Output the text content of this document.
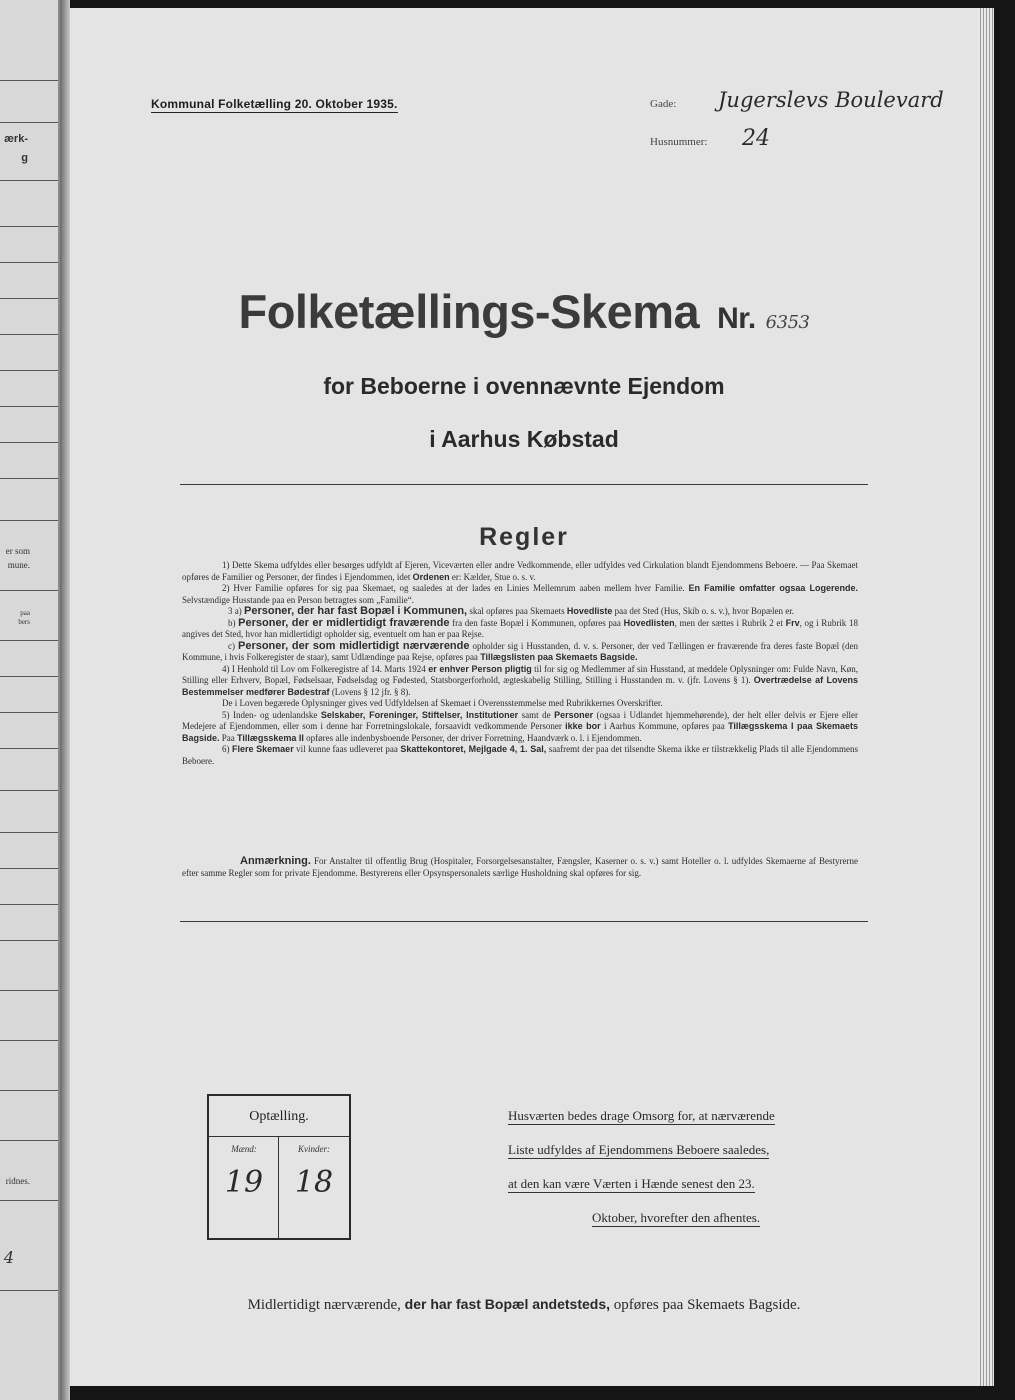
ærk-
g
er som
mune.
paa
bers
ridnes.
4
Kommunal Folketælling 20. Oktober 1935.	Gade: Jugerslevs Boulevard
Husnummer: 24
Folketællings-Skema Nr. 6353
for Beboerne i ovennævnte Ejendom
i Aarhus Købstad
Regler

1) Dette Skema udfyldes eller besørges udfyldt af Ejeren, Viceværten eller andre Vedkommende, eller udfyldes ved Cirkulation blandt Ejendommens Beboere. — Paa Skemaet opføres de Familier og Personer, der findes i Ejendommen, idet Ordenen er: Kælder, Stue o. s. v.

2) Hver Familie opføres for sig paa Skemaet, og saaledes at der lades en Linies Mellemrum aaben mellem hver Familie. En Familie omfatter ogsaa Logerende. Selvstændige Husstande paa en Person betragtes som „Familie“.

3 a) Personer, der har fast Bopæl i Kommunen, skal opføres paa Skemaets Hovedliste paa det Sted (Hus, Skib o. s. v.), hvor Bopælen er.

b) Personer, der er midlertidigt fraværende fra den faste Bopæl i Kommunen, opføres paa Hovedlisten, men der sættes i Rubrik 2 et Frv, og i Rubrik 18 angives det Sted, hvor han midlertidigt opholder sig, eventuelt om han er paa Rejse.

c) Personer, der som midlertidigt nærværende opholder sig i Husstanden, d. v. s. Personer, der ved Tællingen er fraværende fra deres faste Bopæl (den Kommune, i hvis Folkeregister de staar), samt Udlændinge paa Rejse, opføres paa Tillægslisten paa Skemaets Bagside.

4) I Henhold til Lov om Folkeregistre af 14. Marts 1924 er enhver Person pligtig til for sig og Medlemmer af sin Husstand, at meddele Oplysninger om: Fulde Navn, Køn, Stilling eller Erhverv, Bopæl, Fødselsaar, Fødselsdag og Fødested, Statsborgerforhold, ægteskabelig Stilling, Stilling i Husstanden m. v. (jfr. Lovens § 1). Overtrædelse af Lovens Bestemmelser medfører Bødestraf (Lovens § 12 jfr. § 8).

De i Loven begærede Oplysninger gives ved Udfyldelsen af Skemaet i Overensstemmelse med Rubrikkernes Overskrifter.

5) Inden- og udenlandske Selskaber, Foreninger, Stiftelser, Institutioner samt de Personer (ogsaa i Udlandet hjemmehørende), der helt eller delvis er Ejere eller Medejere af Ejendommen, eller som i denne har Forretningslokale, forsaavidt vedkommende Personer ikke bor i Aarhus Kommune, opføres paa Tillægsskema I paa Skemaets Bagside. Paa Tillægsskema II opføres alle indenbysboende Personer, der driver Forretning, Haandværk o. l. i Ejendommen.

6) Flere Skemaer vil kunne faas udleveret paa Skattekontoret, Mejlgade 4, 1. Sal, saafremt der paa det tilsendte Skema ikke er tilstrækkelig Plads til alle Ejendommens Beboere.

Anmærkning. For Anstalter til offentlig Brug (Hospitaler, Forsorgelsesanstalter, Fængsler, Kaserner o. s. v.) samt Hoteller o. l. udfyldes Skemaerne af Bestyrerne efter samme Regler som for private Ejendomme. Bestyrerens eller Opsynspersonalets særlige Husholdning skal opføres for sig.
Optælling.
Mænd:	Kvinder:
19	18
Husværten bedes drage Omsorg for, at nærværende
Liste udfyldes af Ejendommens Beboere saaledes,
at den kan være Værten i Hænde senest den 23.
Oktober, hvorefter den afhentes.
Midlertidigt nærværende, der har fast Bopæl andetsteds, opføres paa Skemaets Bagside.
